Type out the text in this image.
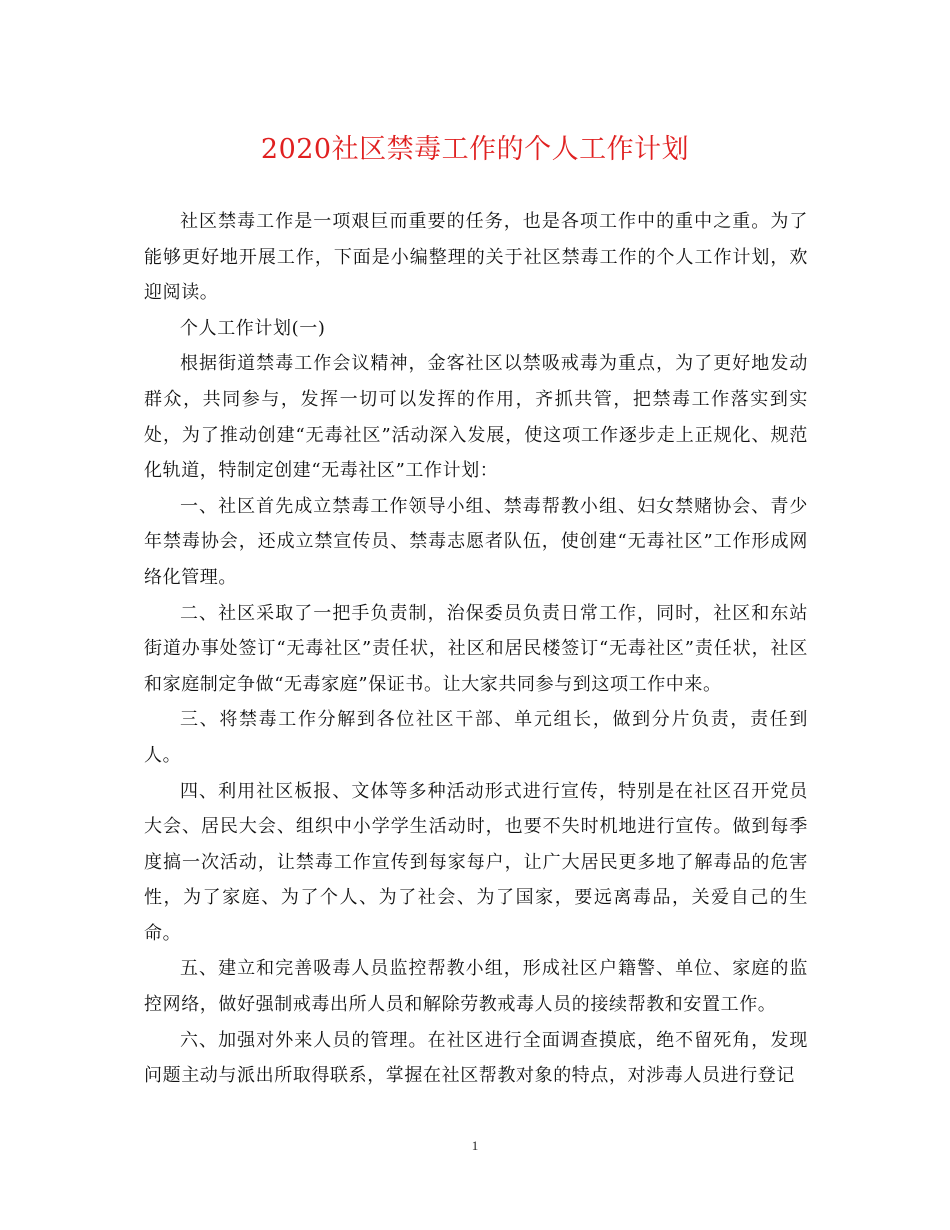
2020社区禁毒工作的个人工作计划

社区禁毒工作是一项艰巨而重要的任务，也是各项工作中的重中之重。为了能够更好地开展工作，下面是小编整理的关于社区禁毒工作的个人工作计划，欢迎阅读。

个人工作计划(一)

根据街道禁毒工作会议精神，金客社区以禁吸戒毒为重点，为了更好地发动群众，共同参与，发挥一切可以发挥的作用，齐抓共管，把禁毒工作落实到实处，为了推动创建“无毒社区”活动深入发展，使这项工作逐步走上正规化、规范化轨道，特制定创建“无毒社区”工作计划：

一、社区首先成立禁毒工作领导小组、禁毒帮教小组、妇女禁赌协会、青少年禁毒协会，还成立禁宣传员、禁毒志愿者队伍，使创建“无毒社区”工作形成网络化管理。

二、社区采取了一把手负责制，治保委员负责日常工作，同时，社区和东站街道办事处签订“无毒社区”责任状，社区和居民楼签订“无毒社区”责任状，社区和家庭制定争做“无毒家庭”保证书。让大家共同参与到这项工作中来。

三、将禁毒工作分解到各位社区干部、单元组长，做到分片负责，责任到人。

四、利用社区板报、文体等多种活动形式进行宣传，特别是在社区召开党员大会、居民大会、组织中小学学生活动时，也要不失时机地进行宣传。做到每季度搞一次活动，让禁毒工作宣传到每家每户，让广大居民更多地了解毒品的危害性，为了家庭、为了个人、为了社会、为了国家，要远离毒品，关爱自己的生命。

五、建立和完善吸毒人员监控帮教小组，形成社区户籍警、单位、家庭的监控网络，做好强制戒毒出所人员和解除劳教戒毒人员的接续帮教和安置工作。

六、加强对外来人员的管理。在社区进行全面调查摸底，绝不留死角，发现问题主动与派出所取得联系，掌握在社区帮教对象的特点，对涉毒人员进行登记

1
